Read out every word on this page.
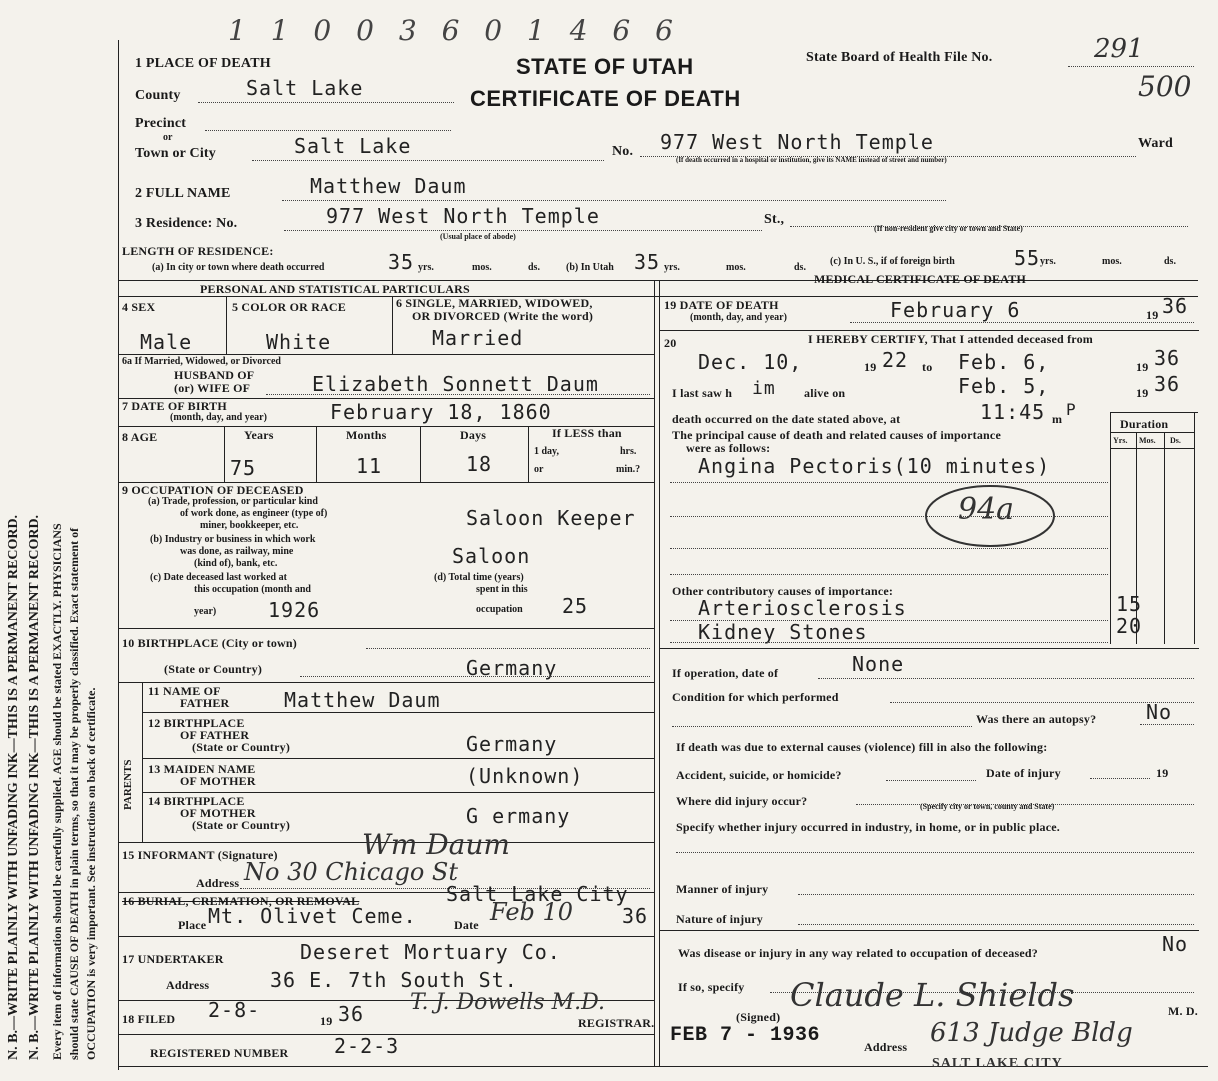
N. B.—WRITE PLAINLY WITH UNFADING INK—THIS IS A PERMANENT RECORD. N. B.—WRITE PLAINLY WITH UNFADING INK—THIS IS A PERMANENT RECORD. Every item of information should be carefully supplied. AGE should be stated EXACTLY. PHYSICIANS should state CAUSE OF DEATH in plain terms, so that it may be properly classified. Exact statement of OCCUPATION is very important. See instructions on back of certificate.
1 1 0 0 3 6 0 1 4 6 6
STATE OF UTAH
CERTIFICATE OF DEATH
State Board of Health File No.	291
500
1 PLACE OF DEATH
County	Salt Lake
Precinct
or
Town or City	Salt Lake	No. 977 West North Temple	Ward
(If death occurred in a hospital or institution, give its NAME instead of street and number)
2 FULL NAME	Matthew Daum
3 Residence: No.	977 West North Temple
(Usual place of abode)
St.,
(If non-resident give city or town and State)
LENGTH OF RESIDENCE:
(a) In city or town where death occurred	35 yrs.	mos.	ds.	(b) In Utah 35 yrs.	mos.	ds.
(c) In U. S., if of foreign birth	55 yrs.	mos.	ds.
PERSONAL AND STATISTICAL PARTICULARS
MEDICAL CERTIFICATE OF DEATH
4 SEX
Male
5 COLOR OR RACE
White
6 SINGLE, MARRIED, WIDOWED,
OR DIVORCED (Write the word)
Married
6a If Married, Widowed, or Divorced
HUSBAND OF
(or) WIFE OF	Elizabeth Sonnett Daum
7 DATE OF BIRTH
(month, day, and year)	February 18, 1860
8 AGE	Years	Months	Days	If LESS than
1 day,	hrs.
or	min.?
75	11	18
9 OCCUPATION OF DECEASED
(a) Trade, profession, or particular kind
of work done, as engineer (type of)
miner, bookkeeper, etc.	Saloon Keeper
(b) Industry or business in which work
was done, as railway, mine
(kind of), bank, etc.	Saloon
(c) Date deceased last worked at
this occupation (month and
year)	1926
(d) Total time (years)
spent in this
occupation 25
10 BIRTHPLACE (City or town)
(State or Country)	Germany
PARENTS
11 NAME OF
FATHER	Matthew Daum
12 BIRTHPLACE
OF FATHER
(State or Country)	Germany
13 MAIDEN NAME
OF MOTHER	(Unknown)
14 BIRTHPLACE
OF MOTHER
(State or Country)	G ermany
15 INFORMANT (Signature)	Wm Daum
Address No 30 Chicago St
16 BURIAL, CREMATION, OR REMOVAL	Salt Lake City
Place Mt. Olivet Ceme.	Date Feb 10 36
17 UNDERTAKER	Deseret Mortuary Co.
Address	36 E. 7th South St.
18 FILED 2-8-	19 36 T. J. Dowells M.D.
REGISTRAR.
REGISTERED NUMBER 2-2-3
19 DATE OF DEATH
(month, day, and year)	February 6	19 36
20	I HEREBY CERTIFY, That I attended deceased from
Dec. 10,	19 22 to Feb. 6,	19 36
I last saw h im alive on	Feb. 5,	19 36
death occurred on the date stated above, at	11:45 m P
The principal cause of death and related causes of importance
were as follows:
Duration
Yrs. Mos. Ds.
Angina Pectoris(10 minutes)
94a
Other contributory causes of importance:
Arteriosclerosis	15
Kidney Stones	20
If operation, date of	None
Condition for which performed
Was there an autopsy? No
If death was due to external causes (violence) fill in also the following:
Accident, suicide, or homicide?	Date of injury	19
Where did injury occur?	(Specify city or town, county and State)
Specify whether injury occurred in industry, in home, or in public place.
Manner of injury
Nature of injury
Was disease or injury in any way related to occupation of deceased?	No
If so, specify
(Signed)
Claude L. Shields	M. D.
FEB 7 - 1936	Address 613 Judge Bldg
SALT LAKE CITY
